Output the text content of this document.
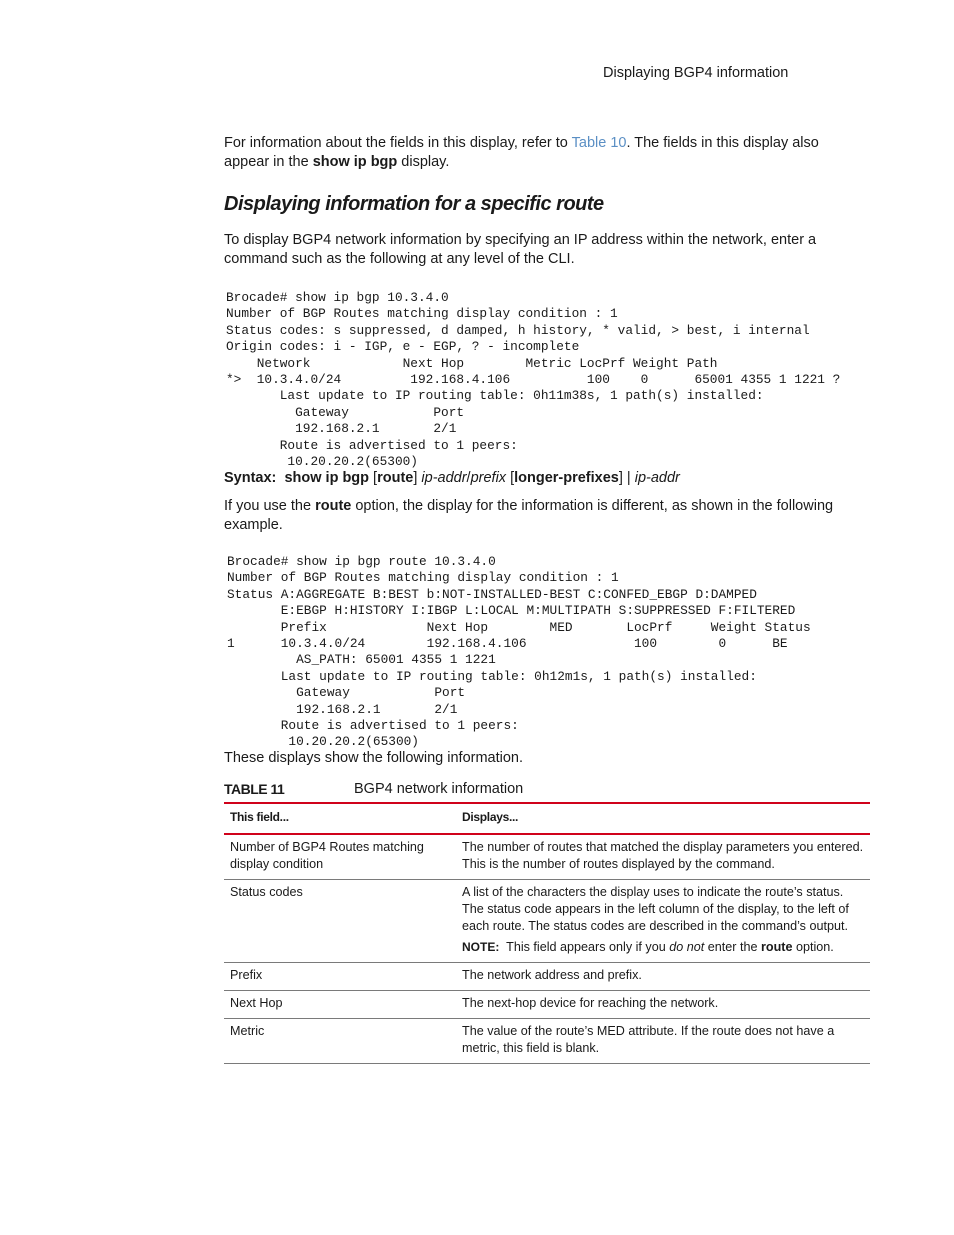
Displaying BGP4 information
For information about the fields in this display, refer to Table 10. The fields in this display also appear in the show ip bgp display.
Displaying information for a specific route
To display BGP4 network information by specifying an IP address within the network, enter a command such as the following at any level of the CLI.
Brocade# show ip bgp 10.3.4.0
Number of BGP Routes matching display condition : 1
Status codes: s suppressed, d damped, h history, * valid, > best, i internal
Origin codes: i - IGP, e - EGP, ? - incomplete
Network            Next Hop        Metric LocPrf Weight Path
*>  10.3.4.0/24         192.168.4.106          100    0      65001 4355 1 1221 ?
Last update to IP routing table: 0h11m38s, 1 path(s) installed:
Gateway           Port
192.168.2.1       2/1
Route is advertised to 1 peers:
10.20.20.2(65300)
Syntax: show ip bgp [route] ip-addr/prefix [longer-prefixes] | ip-addr
If you use the route option, the display for the information is different, as shown in the following example.
Brocade# show ip bgp route 10.3.4.0
Number of BGP Routes matching display condition : 1
Status A:AGGREGATE B:BEST b:NOT-INSTALLED-BEST C:CONFED_EBGP D:DAMPED
E:EBGP H:HISTORY I:IBGP L:LOCAL M:MULTIPATH S:SUPPRESSED F:FILTERED
Prefix             Next Hop        MED       LocPrf     Weight Status
1      10.3.4.0/24        192.168.4.106              100        0      BE
AS_PATH: 65001 4355 1 1221
Last update to IP routing table: 0h12m1s, 1 path(s) installed:
Gateway           Port
192.168.2.1       2/1
Route is advertised to 1 peers:
10.20.20.2(65300)
These displays show the following information.
TABLE 11	BGP4 network information
This field...	Displays...
Number of BGP4 Routes matching display condition	The number of routes that matched the display parameters you entered. This is the number of routes displayed by the command.
Status codes	A list of the characters the display uses to indicate the route’s status. The status code appears in the left column of the display, to the left of each route. The status codes are described in the command’s output.
NOTE: This field appears only if you do not enter the route option.

Prefix	The network address and prefix.
Next Hop	The next-hop device for reaching the network.
Metric	The value of the route’s MED attribute. If the route does not have a metric, this field is blank.
